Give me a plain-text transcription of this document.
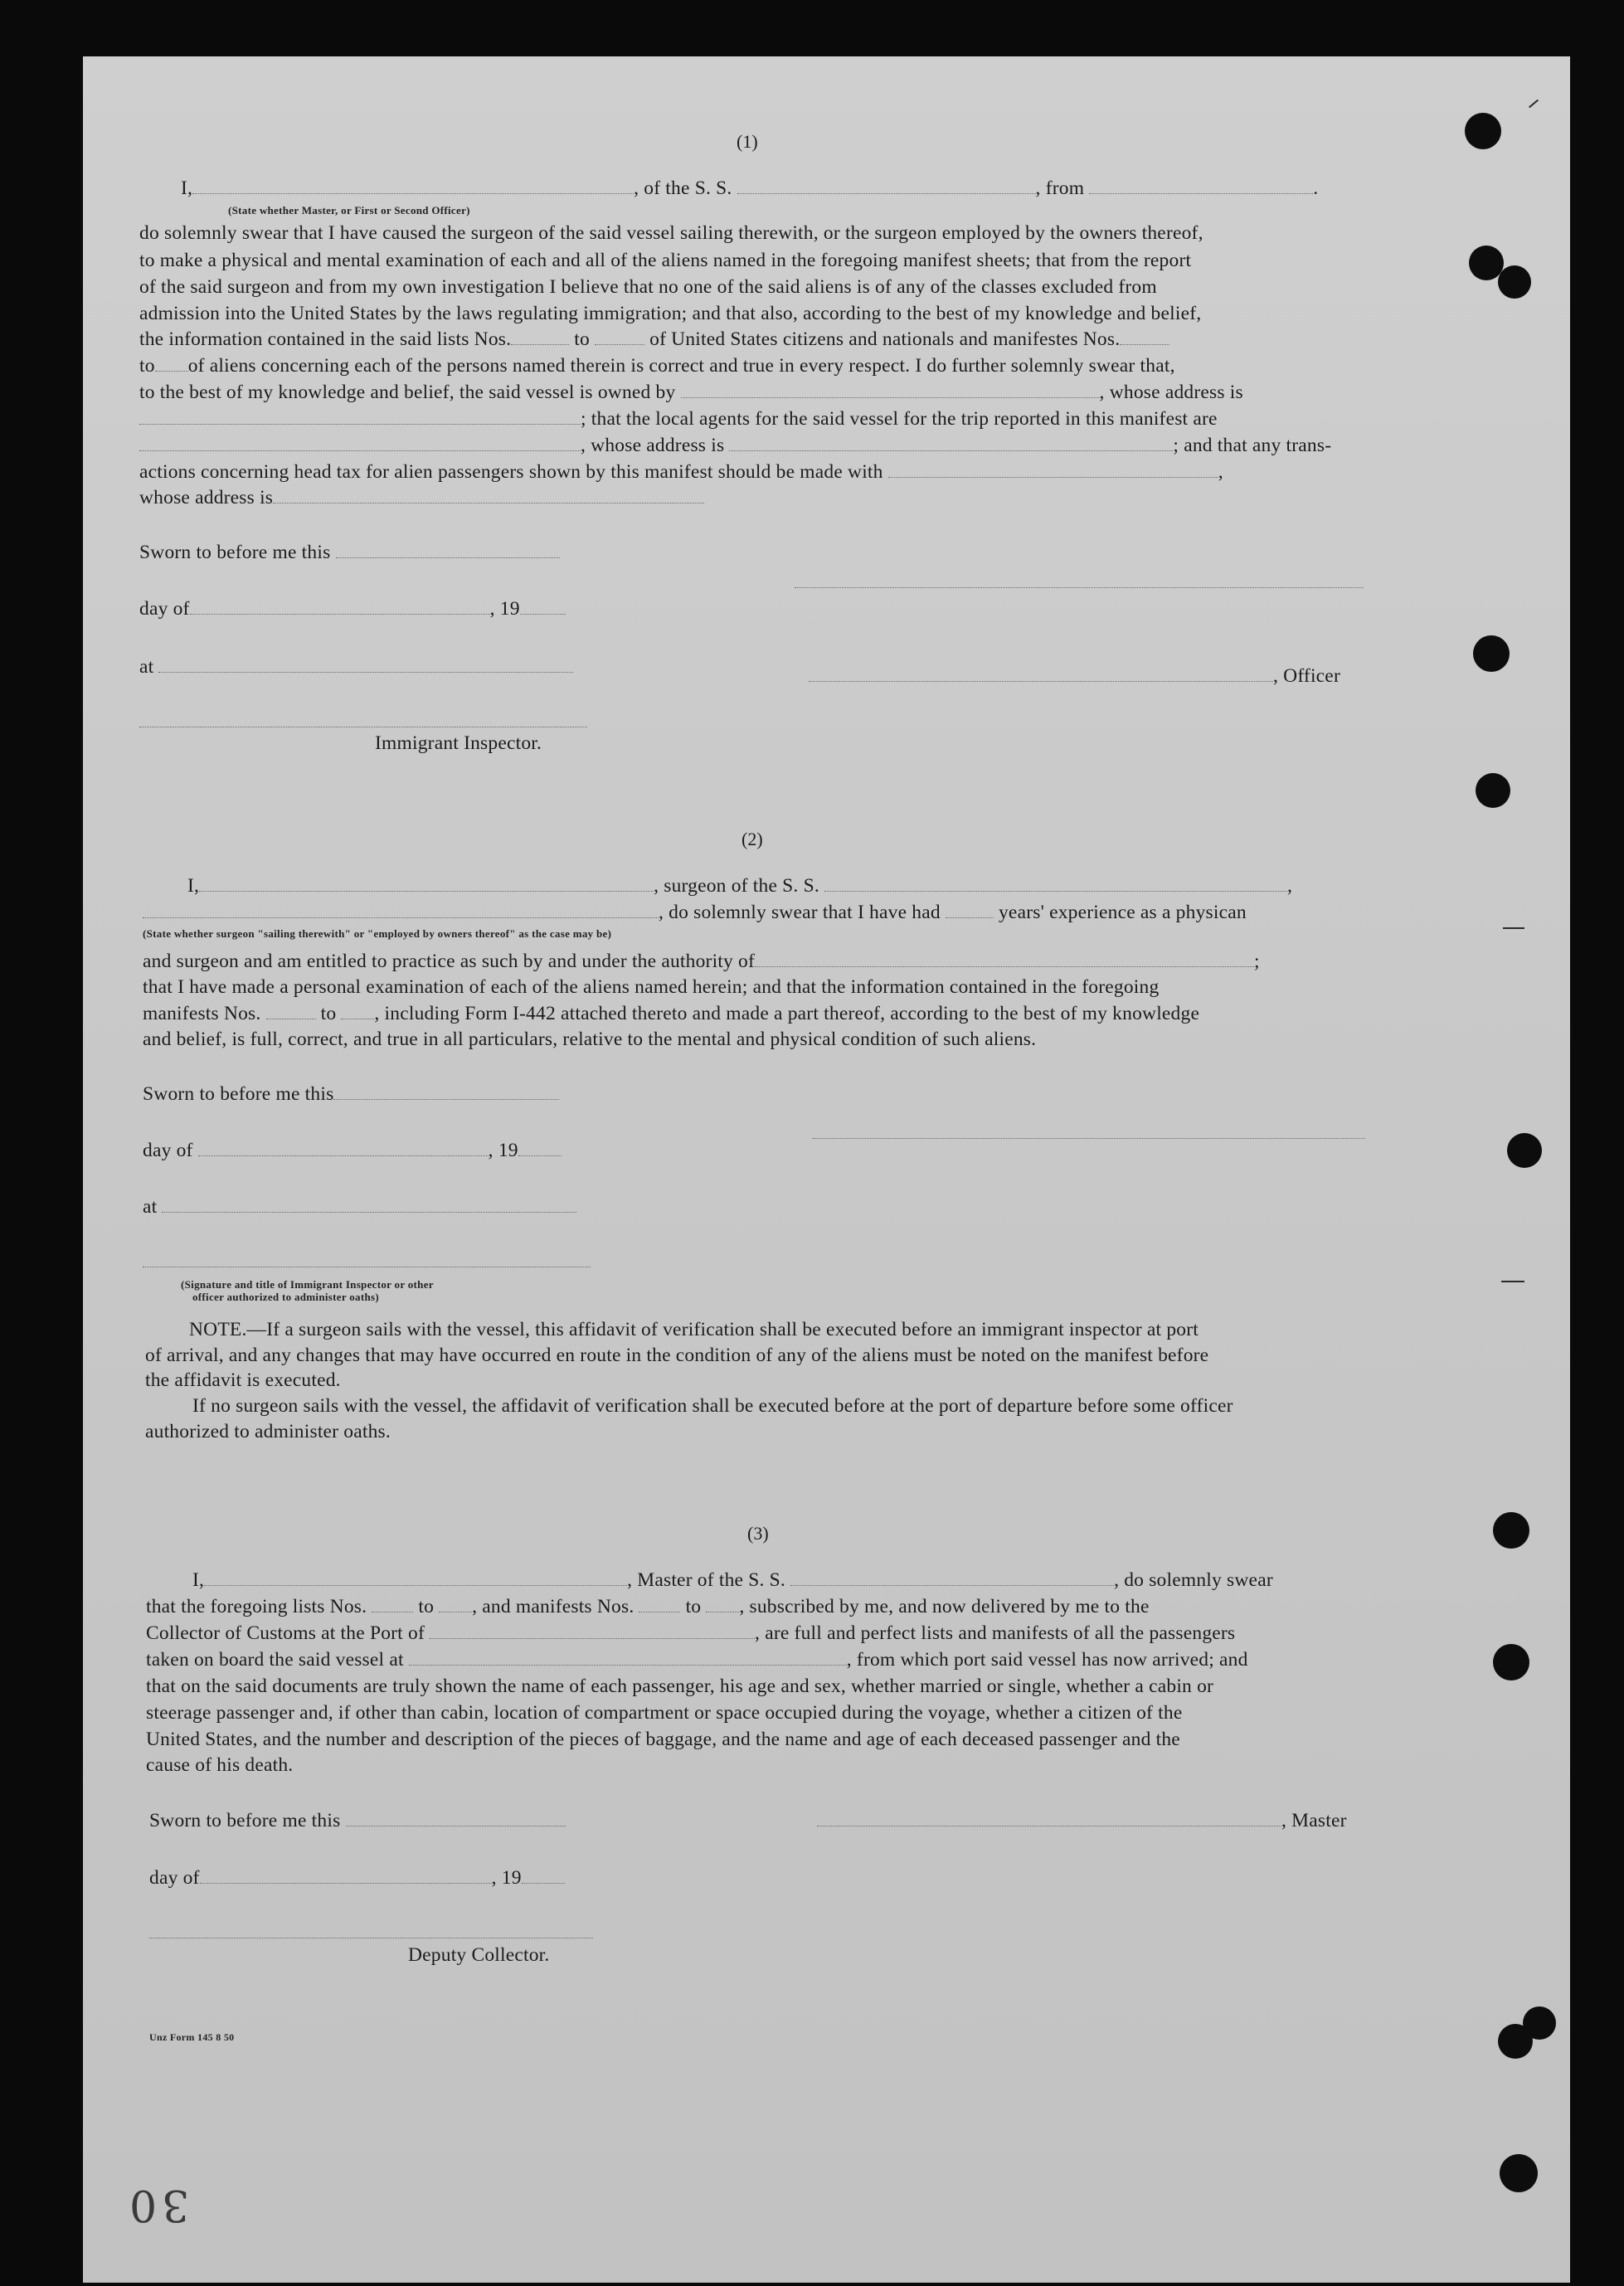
(1)
I,	, of the S. S.	, from	.
(State whether Master, or First or Second Officer)
do solemnly swear that I have caused the surgeon of the said vessel sailing therewith, or the surgeon employed by the owners thereof,
to make a physical and mental examination of each and all of the aliens named in the foregoing manifest sheets; that from the report
of the said surgeon and from my own investigation I believe that no one of the said aliens is of any of the classes excluded from
admission into the United States by the laws regulating immigration; and that also, according to the best of my knowledge and belief,
the information contained in the said lists Nos.	to	of United States citizens and nationals and manifestes Nos.
to of aliens concerning each of the persons named therein is correct and true in every respect. I do further solemnly swear that,
to the best of my knowledge and belief, the said vessel is owned by	, whose address is
; that the local agents for the said vessel for the trip reported in this manifest are
, whose address is	; and that any trans-
actions concerning head tax for alien passengers shown by this manifest should be made with	,
whose address is
Sworn to before me this
day of	, 19
at	, Officer
Immigrant Inspector.
(2)
I,	, surgeon of the S. S.	,
, do solemnly swear that I have had	years' experience as a physican
(State whether surgeon "sailing therewith" or "employed by owners thereof" as the case may be)
and surgeon and am entitled to practice as such by and under the authority of	;
that I have made a personal examination of each of the aliens named herein; and that the information contained in the foregoing
manifests Nos.	to , including Form I-442 attached thereto and made a part thereof, according to the best of my knowledge
and belief, is full, correct, and true in all particulars, relative to the mental and physical condition of such aliens.
Sworn to before me this
day of	, 19
at
(Signature and title of Immigrant Inspector or other
officer authorized to administer oaths)
NOTE.—If a surgeon sails with the vessel, this affidavit of verification shall be executed before an immigrant inspector at port
of arrival, and any changes that may have occurred en route in the condition of any of the aliens must be noted on the manifest before
the affidavit is executed.
If no surgeon sails with the vessel, the affidavit of verification shall be executed before at the port of departure before some officer
authorized to administer oaths.
(3)
I,	, Master of the S. S.	, do solemnly swear
that the foregoing lists Nos.	to , and manifests Nos.	to , subscribed by me, and now delivered by me to the
Collector of Customs at the Port of	, are full and perfect lists and manifests of all the passengers
taken on board the said vessel at	, from which port said vessel has now arrived; and
that on the said documents are truly shown the name of each passenger, his age and sex, whether married or single, whether a cabin or
steerage passenger and, if other than cabin, location of compartment or space occupied during the voyage, whether a citizen of the
United States, and the number and description of the pieces of baggage, and the name and age of each deceased passenger and the
cause of his death.
Sworn to before me this	, Master
day of	, 19
Deputy Collector.
Unz Form 145 8 50
30
